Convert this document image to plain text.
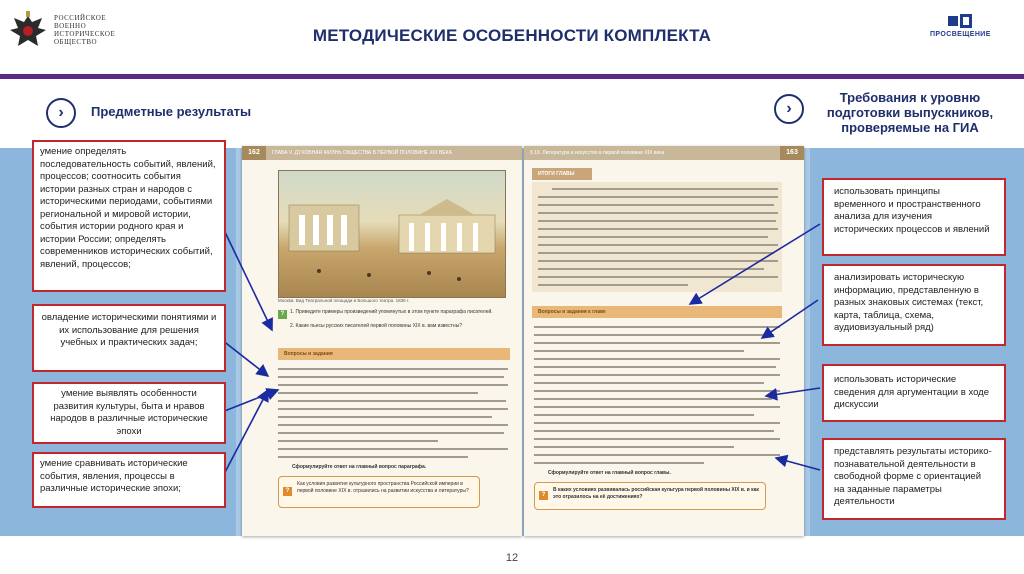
РОССИЙСКОЕ
ВОЕННО
ИСТОРИЧЕСКОЕ
ОБЩЕСТВО	МЕТОДИЧЕСКИЕ ОСОБЕННОСТИ КОМПЛЕКТА	ПРОСВЕЩЕНИЕ
› Предметные результаты	›
Требования к уровню подготовки выпускников, проверяемые на ГИА
ГЛАВА V. ДУХОВНАЯ ЖИЗНЬ ОБЩЕСТВА В ПЕРВОЙ ПОЛОВИНЕ XIX ВЕКА
162
Москва. Вид Театральной площади и Большого театра. 1836 г.
?	1. Приведите примеры произведений упомянутых в этом пункте параграфа писателей.
2. Какие пьесы русских писателей первой половины XIX в. вам известны?
Вопросы и задания
Сформулируйте ответ на главный вопрос параграфа.
?
Как условия развития культурного пространства Российской империи в первой половине XIX в. отразились на развитии искусства и литературы?
§ 16. Литература и искусство в первой половине XIX века	163
ИТОГИ ГЛАВЫ
Вопросы и задания к главе
Сформулируйте ответ на главный вопрос главы.
?
В каких условиях развивалась российская культура первой половины XIX в. и как это отразилось на её достижениях?
умение определять последовательность событий, явлений, процессов; соотносить события истории разных стран и народов с историческими периодами, событиями региональной и мировой истории, события истории родного края и истории России; определять современников исторических событий, явлений, процессов;
овладение историческими понятиями и их использование для решения учебных и практических задач;
умение выявлять особенности развития культуры, быта и нравов народов в различные исторические эпохи
умение сравнивать исторические события, явления, процессы в различные исторические эпохи;
использовать принципы временного и пространственного анализа для изучения исторических процессов и явлений
анализировать историческую информацию, представленную в разных знаковых системах (текст, карта, таблица, схема, аудиовизуальный ряд)
использовать исторические сведения для аргументации в ходе дискуссии
представлять результаты историко-познавательной деятельности в свободной форме с ориентацией на заданные параметры деятельности
12
